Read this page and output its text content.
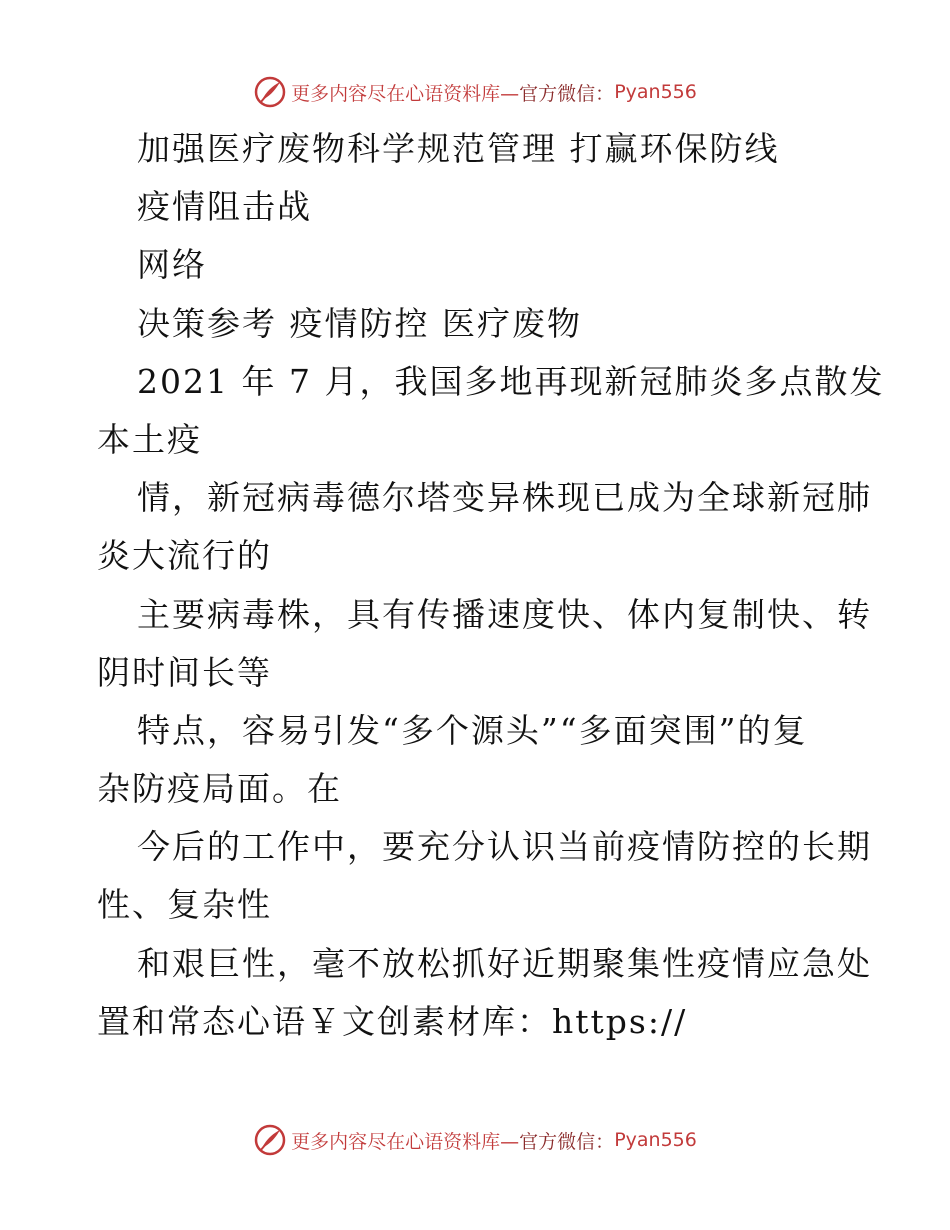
更多内容尽在心语资料库— 官方微信： Pyan556
加强医疗废物科学规范管理 打赢环保防线
疫情阻击战
网络
决策参考 疫情防控 医疗废物
2021 年 7 月，我国多地再现新冠肺炎多点散发
本土疫
情，新冠病毒德尔塔变异株现已成为全球新冠肺
炎大流行的
主要病毒株，具有传播速度快、体内复制快、转
阴时间长等
特点，容易引发“多个源头”“多面突围”的复
杂防疫局面。在
今后的工作中，要充分认识当前疫情防控的长期
性、复杂性
和艰巨性，毫不放松抓好近期聚集性疫情应急处
置和常态心语￥文创素材库：https://
更多内容尽在心语资料库— 官方微信： Pyan556
